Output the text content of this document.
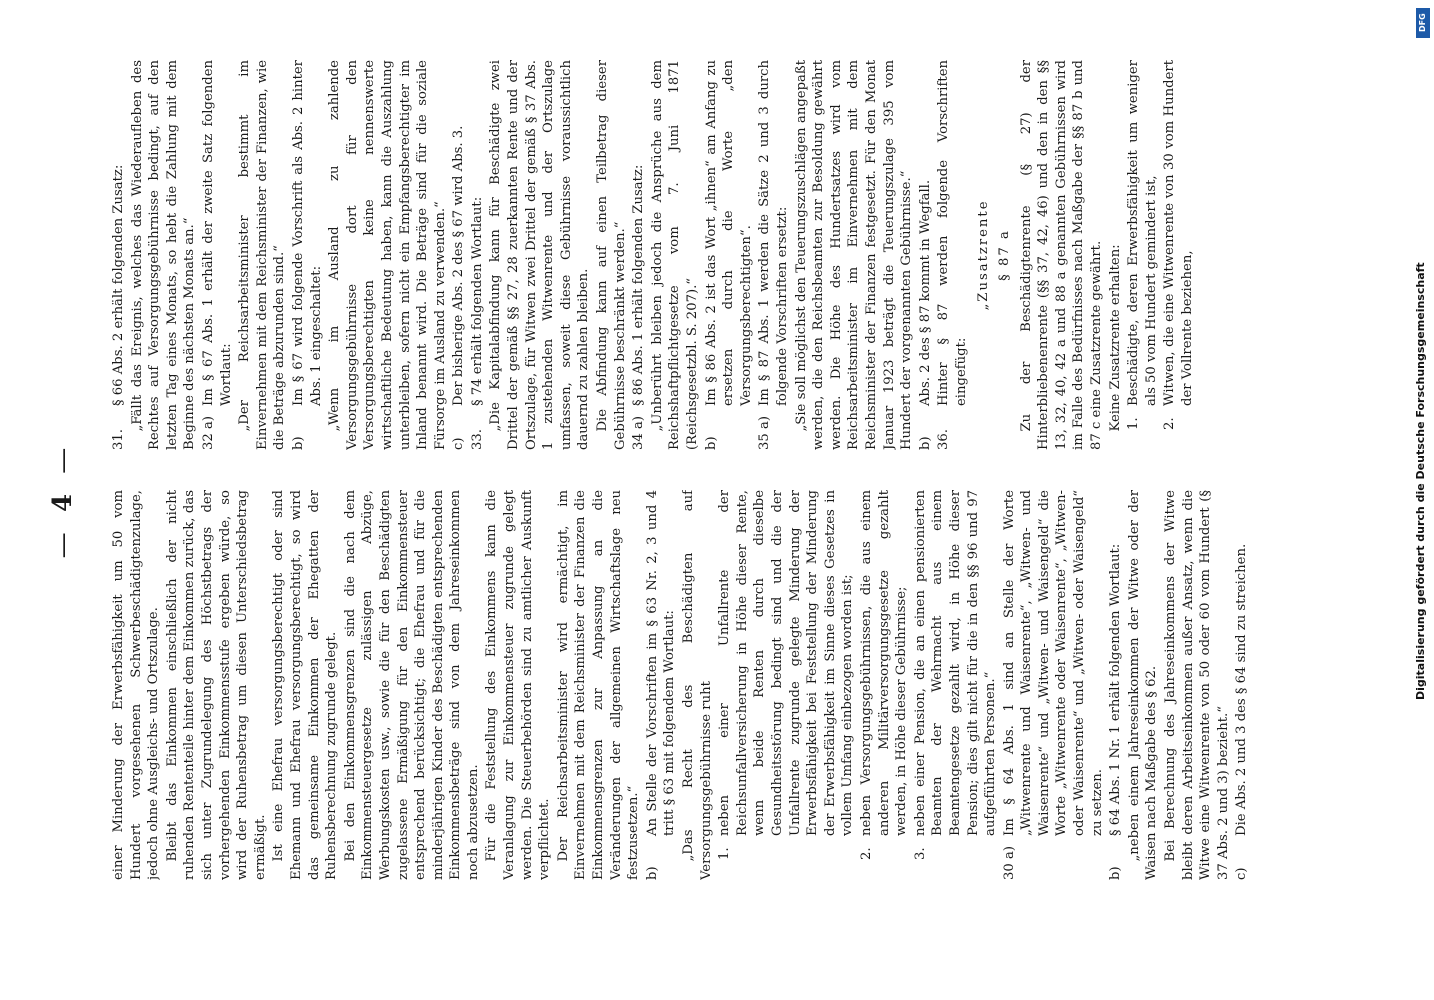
— 4 —

einer Minderung der Erwerbsfähigkeit um 50 vom Hundert vorgesehenen Schwerbeschädigtenzulage, jedoch ohne Ausgleichs- und Ortszulage. Bleibt das Einkommen einschließlich der nicht ruhenden Rententeile hinter dem Einkommen zurück, das sich unter Zugrundelegung des Höchstbetrags der vorhergehenden Einkommensstufe ergeben würde, so wird der Ruhensbetrag um diesen Unterschiedsbetrag ermäßigt. Ist eine Ehefrau versorgungsberechtigt oder sind Ehemann und Ehefrau versorgungsberechtigt, so wird das gemeinsame Einkommen der Ehegatten der Ruhensberechnung zugrunde gelegt. Bei den Einkommensgrenzen sind die nach dem Einkommensteuergesetze zulässigen Abzüge, Werbungskosten usw., sowie die für den Beschädigten zugelassene Ermäßigung für den Einkommensteuer entsprechend berücksichtigt; die Ehefrau und für die minderjährigen Kinder des Beschädigten entsprechenden Einkommensbeträge sind von dem Jahreseinkommen noch abzusetzen. Für die Feststellung des Einkommens kann die Veranlagung zur Einkommensteuer zugrunde gelegt werden. Die Steuerbehörden sind zu amtlicher Auskunft verpflichtet. Der Reichsarbeitsminister wird ermächtigt, im Einvernehmen mit dem Reichsminister der Finanzen die Einkommensgrenzen zur Anpassung an die Veränderungen der allgemeinen Wirtschaftslage neu festzusetzen.“ b)
An Stelle der Vorschriften im § 63 Nr. 2, 3 und 4 tritt § 63 mit folgendem Wortlaut: „Das Recht des Beschädigten auf Versorgungsgebührnisse ruht 1.
neben einer Unfallrente der Reichsunfallversicherung in Höhe dieser Rente, wenn beide Renten durch dieselbe Gesundheitsstörung bedingt sind und die der Unfallrente zugrunde gelegte Minderung der Erwerbsfähigkeit bei Feststellung der Minderung der Erwerbsfähigkeit im Sinne dieses Gesetzes in vollem Umfang einbezogen worden ist;
2.
neben Versorgungsgebührnissen, die aus einem anderen Militärversorgungsgesetze gezahlt werden, in Höhe dieser Gebührnisse;
3.
neben einer Pension, die an einen pensionierten Beamten der Wehrmacht aus einem Beamtengesetze gezahlt wird, in Höhe dieser Pension; dies gilt nicht für die in den §§ 96 und 97 aufgeführten Personen.“
30 a)
Im § 64 Abs. 1 sind an Stelle der Worte „Witwenrente und Waisenrente“, „Witwen- und Waisenrente“ und „Witwen- und Waisengeld“ die Worte „Witwenrente oder Waisenrente“, „Witwen- oder Waisenrente“ und „Witwen- oder Waisengeld“ zu setzen.
b)
§ 64 Abs. 1 Nr. 1 erhält folgenden Wortlaut: „neben einem Jahreseinkommen der Witwe oder der Waisen nach Maßgabe des § 62. Bei Berechnung des Jahreseinkommens der Witwe bleibt deren Arbeitseinkommen außer Ansatz, wenn die Witwe eine Witwenrente von 50 oder 60 vom Hundert (§ 37 Abs. 2 und 3) bezieht.“ c)
Die Abs. 2 und 3 des § 64 sind zu streichen.
31.
§ 66 Abs. 2 erhält folgenden Zusatz: „Fällt das Ereignis, welches das Wiederaufleben des Rechtes auf Versorgungsgebührnisse bedingt, auf den letzten Tag eines Monats, so hebt die Zahlung mit dem Beginne des nächsten Monats an.“ 32 a)
Im § 67 Abs. 1 erhält der zweite Satz folgenden Wortlaut: „Der Reichsarbeitsminister bestimmt im Einvernehmen mit dem Reichsminister der Finanzen, wie die Beträge abzurunden sind.“ b)
Im § 67 wird folgende Vorschrift als Abs. 2 hinter Abs. 1 eingeschaltet: „Wenn im Ausland zu zahlende Versorgungsgebührnisse dort für den Versorgungsberechtigten keine nennenswerte wirtschaftliche Bedeutung haben, kann die Auszahlung unterbleiben, sofern nicht ein Empfangsberechtigter im Inland benannt wird. Die Beträge sind für die soziale Fürsorge im Ausland zu verwenden.“ c)
Der bisherige Abs. 2 des § 67 wird Abs. 3.
33.
§ 74 erhält folgenden Wortlaut: „Die Kapitalabfindung kann für Beschädigte zwei Drittel der gemäß §§ 27, 28 zuerkannten Rente und der Ortszulage, für Witwen zwei Drittel der gemäß § 37 Abs. 1 zustehenden Witwenrente und der Ortszulage umfassen, soweit diese Gebührnisse voraussichtlich dauernd zu zahlen bleiben. Die Abfindung kann auf einen Teilbetrag dieser Gebührnisse beschränkt werden.“ 34 a)
§ 86 Abs. 1 erhält folgenden Zusatz: „Unberührt bleiben jedoch die Ansprüche aus dem Reichshaftpflichtgesetze vom 7. Juni 1871 (Reichsgesetzbl. S. 207).“ b)
Im § 86 Abs. 2 ist das Wort „ihnen“ am Anfang zu ersetzen durch die Worte „den Versorgungsberechtigten“.
35 a)
Im § 87 Abs. 1 werden die Sätze 2 und 3 durch folgende Vorschriften ersetzt: „Sie soll möglichst den Teuerungszuschlägen angepaßt werden, die den Reichsbeamten zur Besoldung gewährt werden. Die Höhe des Hundertsatzes wird vom Reichsarbeitsminister im Einvernehmen mit dem Reichsminister der Finanzen festgesetzt. Für den Monat Januar 1923 beträgt die Teuerungszulage 395 vom Hundert der vorgenannten Gebührnisse.“ b)
Abs. 2 des § 87 kommt in Wegfall.
36.
Hinter § 87 werden folgende Vorschriften eingefügt:

„Zusatzrente § 87 a Zu der Beschädigtenrente (§ 27) der Hinterbliebenenrente (§§ 37, 42, 46) und den in den §§ 13, 32, 40, 42 a und 88 a genannten Gebührnissen wird im Falle des Bedürfnisses nach Maßgabe der §§ 87 b und 87 c eine Zusatzrente gewährt. Keine Zusatzrente erhalten: 1.
Beschädigte, deren Erwerbsfähigkeit um weniger als 50 vom Hundert gemindert ist,
2.
Witwen, die eine Witwenrente von 30 vom Hundert der Vollrente beziehen,
DFG
Digitalisierung gefördert durch die Deutsche Forschungsgemeinschaft
